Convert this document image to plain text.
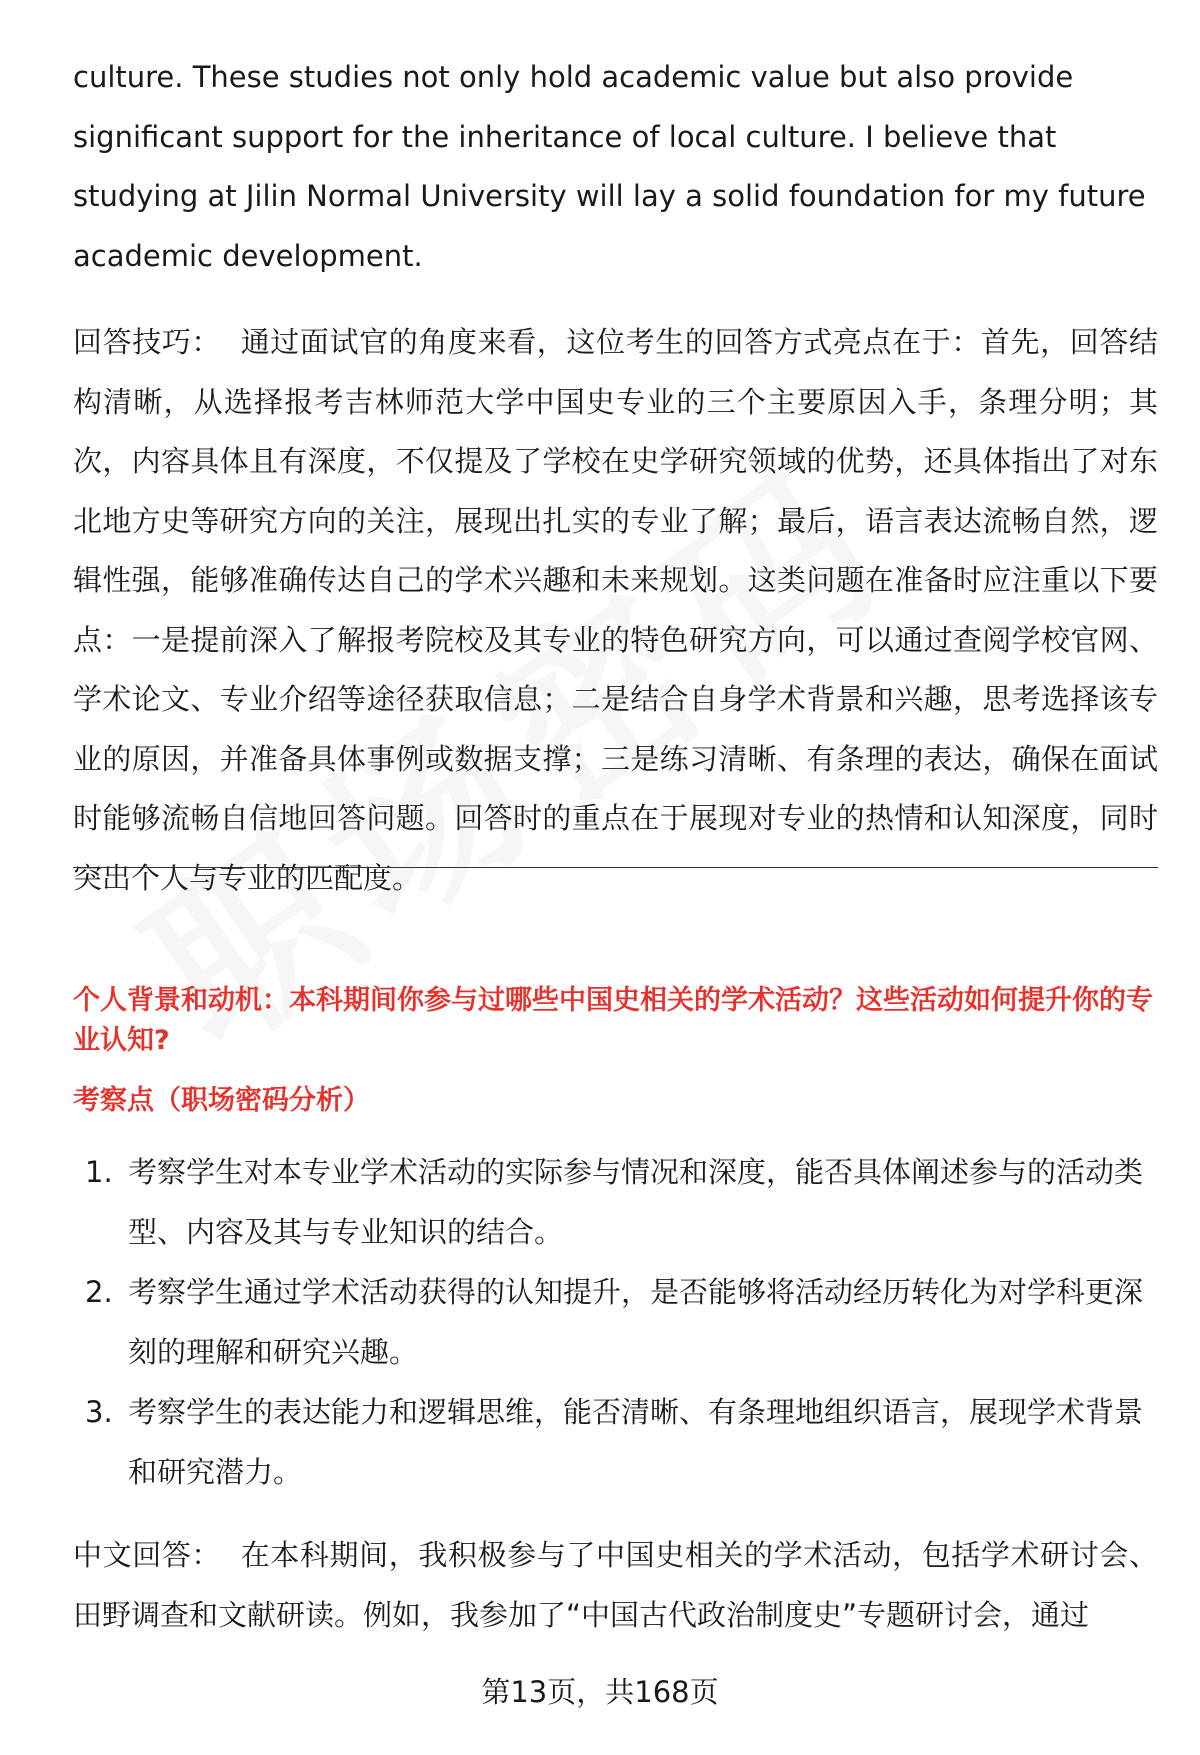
culture. These studies not only hold academic value but also provide significant support for the inheritance of local culture. I believe that studying at Jilin Normal University will lay a solid foundation for my future academic development.

回答技巧： 通过面试官的角度来看，这位考生的回答方式亮点在于：首先，回答结构清晰，从选择报考吉林师范大学中国史专业的三个主要原因入手，条理分明；其次，内容具体且有深度，不仅提及了学校在史学研究领域的优势，还具体指出了对东北地方史等研究方向的关注，展现出扎实的专业了解；最后，语言表达流畅自然，逻辑性强，能够准确传达自己的学术兴趣和未来规划。这类问题在准备时应注重以下要点：一是提前深入了解报考院校及其专业的特色研究方向，可以通过查阅学校官网、学术论文、专业介绍等途径获取信息；二是结合自身学术背景和兴趣，思考选择该专业的原因，并准备具体事例或数据支撑；三是练习清晰、有条理的表达，确保在面试时能够流畅自信地回答问题。回答时的重点在于展现对专业的热情和认知深度，同时突出个人与专业的匹配度。

个人背景和动机：本科期间你参与过哪些中国史相关的学术活动？这些活动如何提升你的专业认知?

考察点（职场密码分析）

1. 考察学生对本专业学术活动的实际参与情况和深度，能否具体阐述参与的活动类型、内容及其与专业知识的结合。
2. 考察学生通过学术活动获得的认知提升，是否能够将活动经历转化为对学科更深刻的理解和研究兴趣。
3. 考察学生的表达能力和逻辑思维，能否清晰、有条理地组织语言，展现学术背景和研究潜力。

中文回答： 在本科期间，我积极参与了中国史相关的学术活动，包括学术研讨会、田野调查和文献研读。例如，我参加了“中国古代政治制度史”专题研讨会，通过

第13页，共168页
